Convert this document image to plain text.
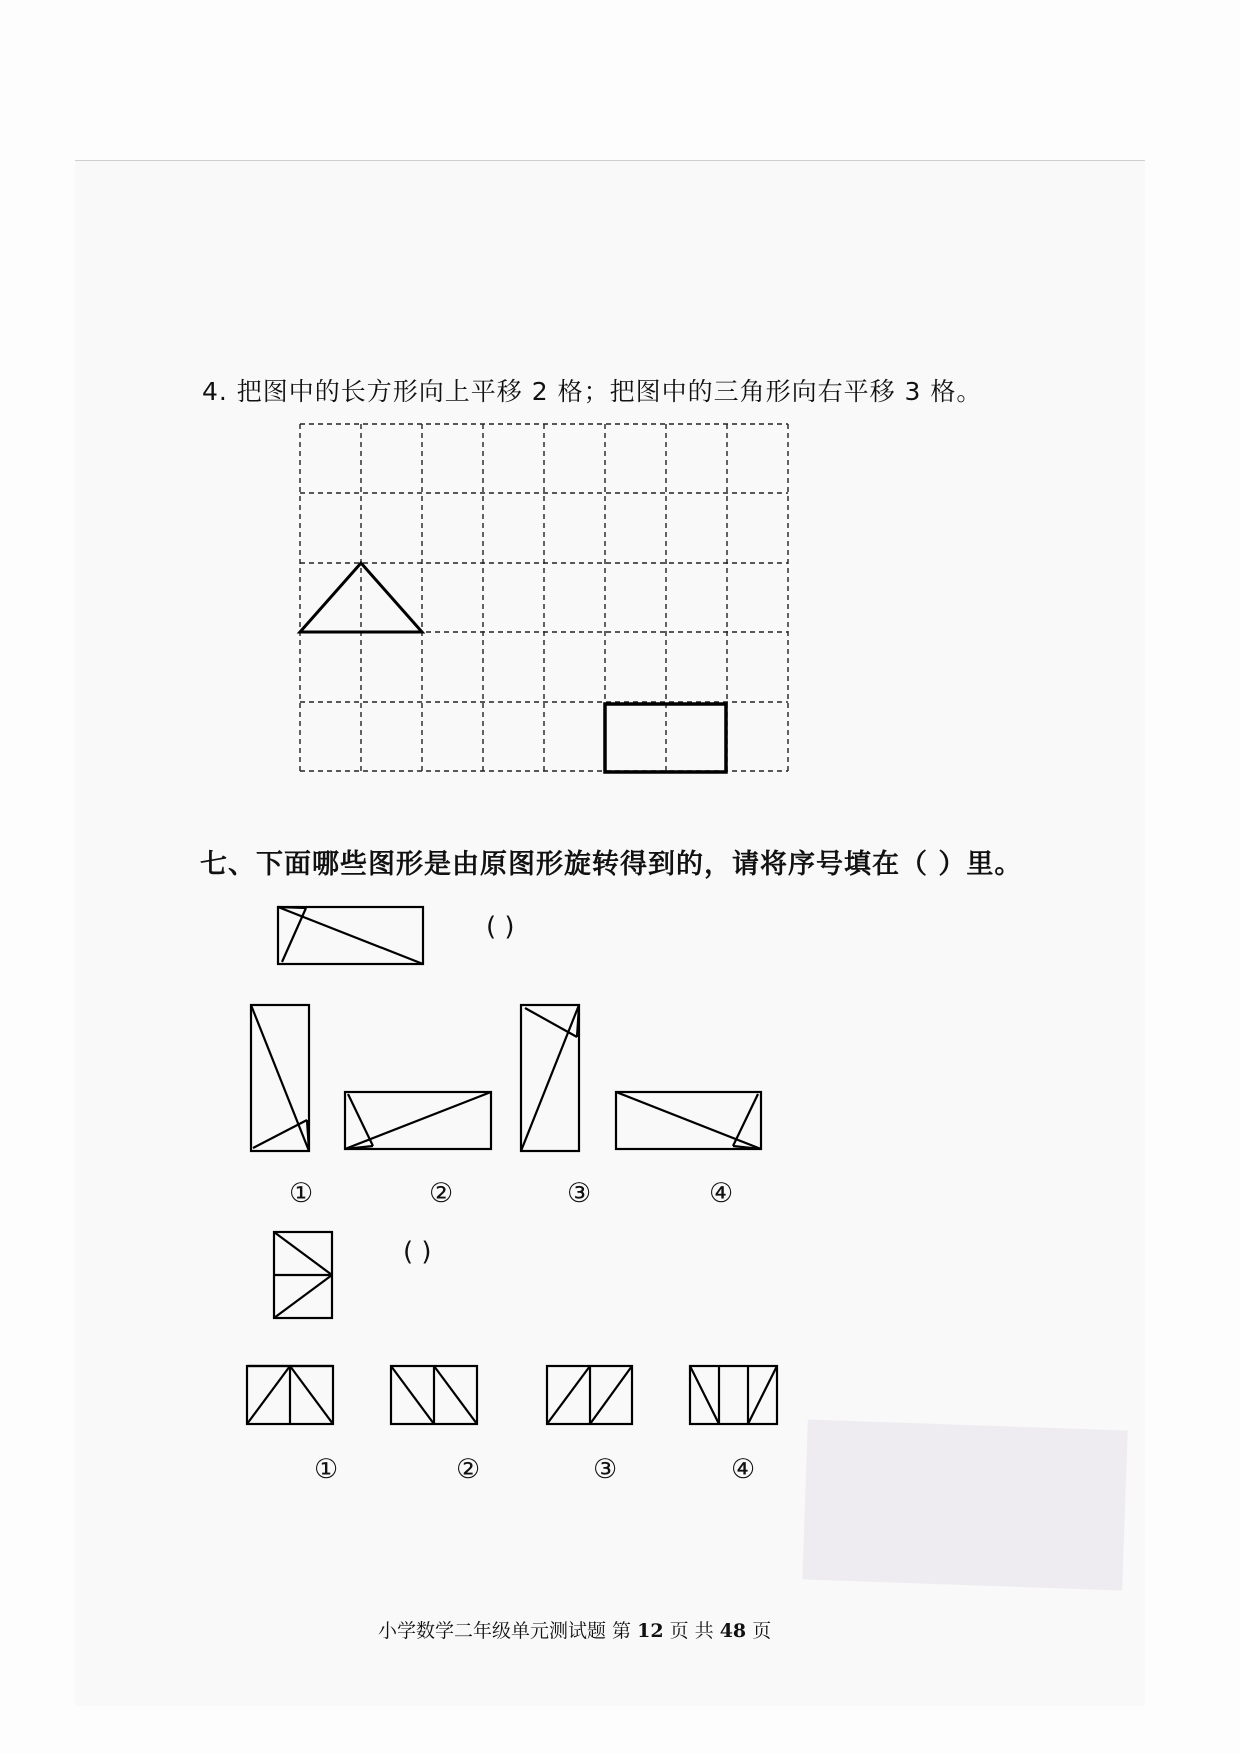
4. 把图中的长方形向上平移 2 格；把图中的三角形向右平移 3 格。
七、下面哪些图形是由原图形旋转得到的，请将序号填在（ ）里。
( )
( )
①	②	③	④
①	②	③	④
小学数学二年级单元测试题 第 12 页 共 48 页
